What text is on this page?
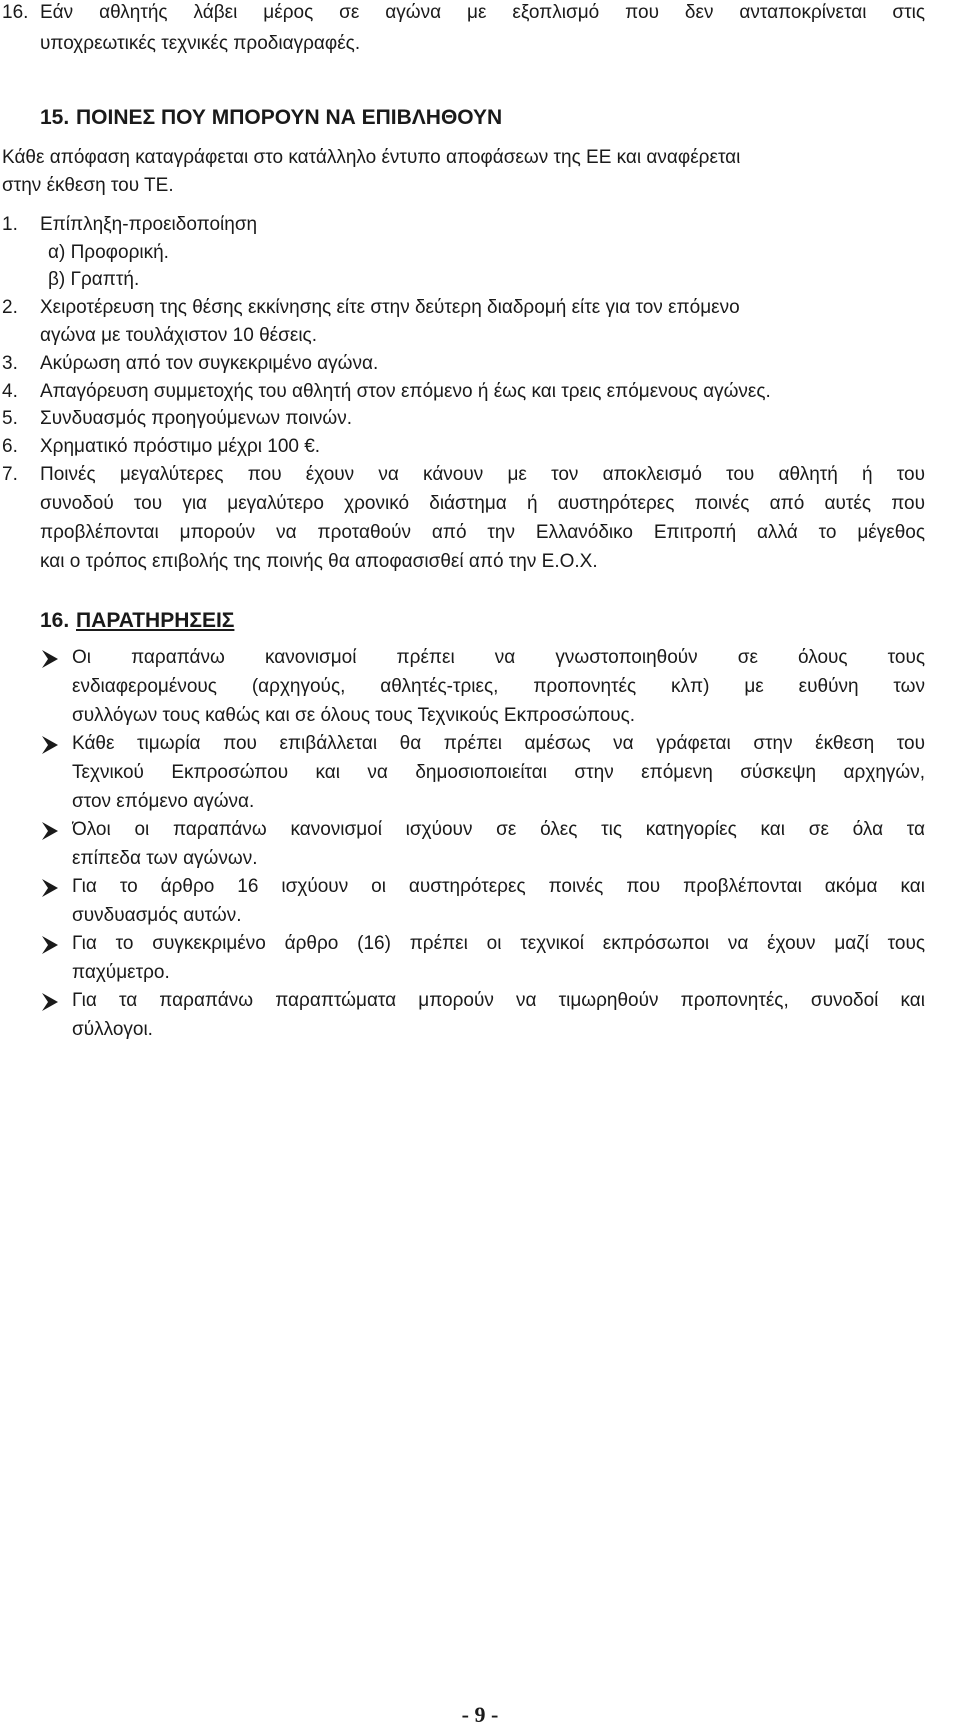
16. Εάν αθλητής λάβει μέρος σε αγώνα με εξοπλισμό που δεν ανταποκρίνεται στις
υποχρεωτικές τεχνικές προδιαγραφές.
15. ΠΟΙΝΕΣ ΠΟΥ ΜΠΟΡΟΥΝ ΝΑ ΕΠΙΒΛΗΘΟΥΝ
Κάθε απόφαση καταγράφεται στο κατάλληλο έντυπο αποφάσεων της ΕΕ και αναφέρεται
στην έκθεση του ΤΕ.
1. Επίπληξη-προειδοποίηση
α) Προφορική.
β) Γραπτή.
2. Χειροτέρευση της θέσης εκκίνησης είτε στην δεύτερη διαδρομή είτε για τον επόμενο
αγώνα με τουλάχιστον 10 θέσεις.
3. Ακύρωση από τον συγκεκριμένο αγώνα.
4. Απαγόρευση συμμετοχής του αθλητή στον επόμενο ή έως και τρεις επόμενους αγώνες.
5. Συνδυασμός προηγούμενων ποινών.
6. Χρηματικό πρόστιμο μέχρι 100 €.
7. Ποινές μεγαλύτερες που έχουν να κάνουν με τον αποκλεισμό του αθλητή ή του
συνοδού του για μεγαλύτερο χρονικό διάστημα ή αυστηρότερες ποινές από αυτές που
προβλέπονται μπορούν να προταθούν από την Ελλανόδικο Επιτροπή αλλά το μέγεθος
και ο τρόπος επιβολής της ποινής θα αποφασισθεί από την Ε.Ο.Χ.
16. ΠΑΡΑΤΗΡΗΣΕΙΣ
Οι παραπάνω κανονισμοί πρέπει να γνωστοποιηθούν σε όλους τους
ενδιαφερομένους (αρχηγούς, αθλητές-τριες, προπονητές κλπ) με ευθύνη των
συλλόγων τους καθώς και σε όλους τους Τεχνικούς Εκπροσώπους.
Κάθε τιμωρία που επιβάλλεται θα πρέπει αμέσως να γράφεται στην έκθεση του
Τεχνικού Εκπροσώπου και να δημοσιοποιείται στην επόμενη σύσκεψη αρχηγών,
στον επόμενο αγώνα.
Όλοι οι παραπάνω κανονισμοί ισχύουν σε όλες τις κατηγορίες και σε όλα τα
επίπεδα των αγώνων.
Για το άρθρο 16 ισχύουν οι αυστηρότερες ποινές που προβλέπονται ακόμα και
συνδυασμός αυτών.
Για το συγκεκριμένο άρθρο (16) πρέπει οι τεχνικοί εκπρόσωποι να έχουν μαζί τους
παχύμετρο.
Για τα παραπάνω παραπτώματα μπορούν να τιμωρηθούν προπονητές, συνοδοί και
σύλλογοι.
- 9 -
